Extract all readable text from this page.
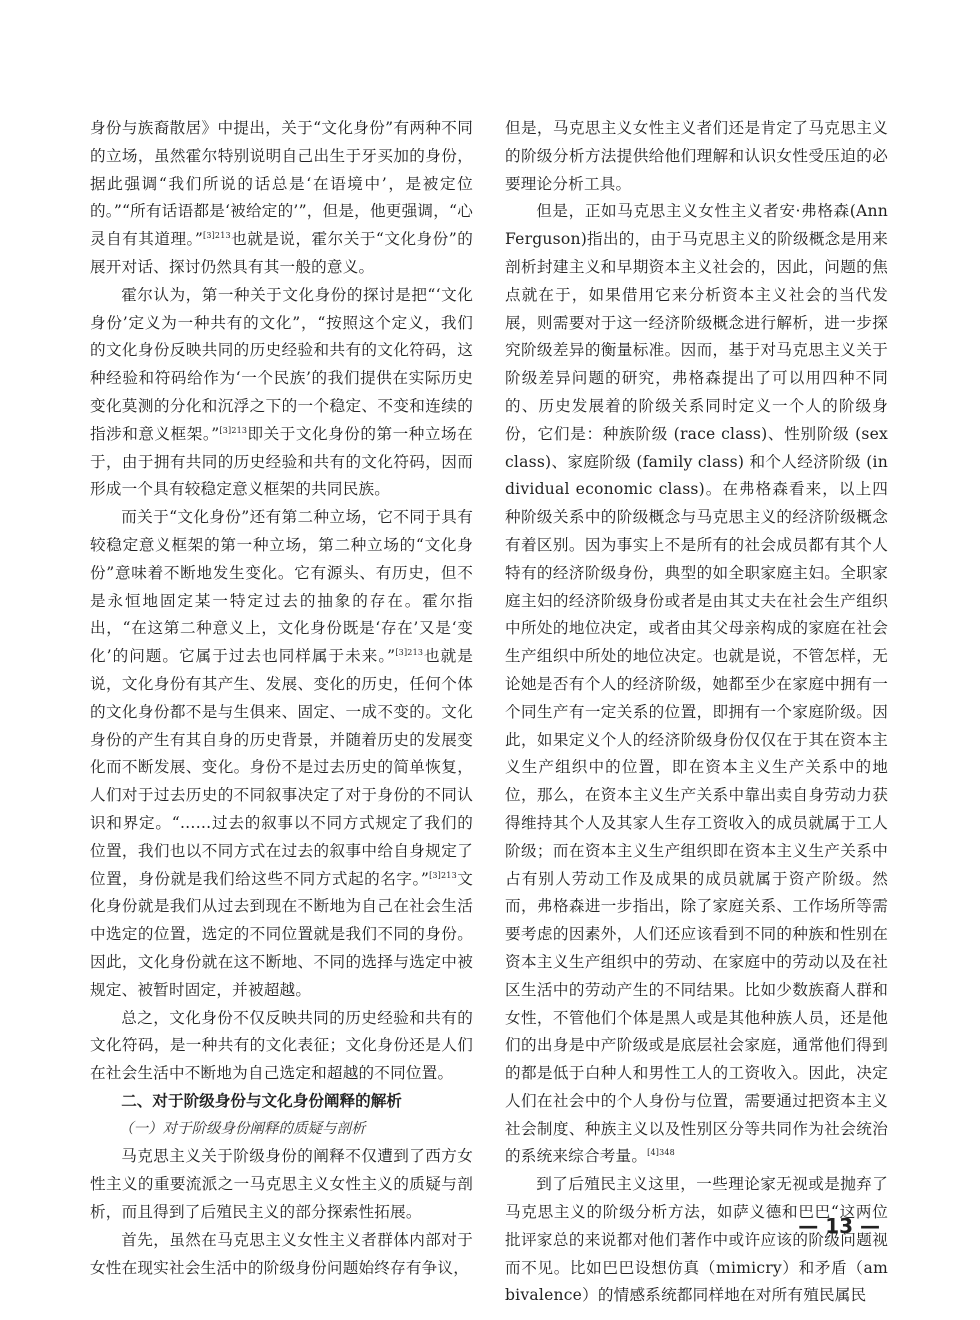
身份与族裔散居》中提出，关于“文化身份”有两种不同的立场，虽然霍尔特别说明自己出生于牙买加的身份，据此强调“我们所说的话总是‘在语境中’，是被定位的。”“所有话语都是‘被给定的’”，但是，他更强调，“心灵自有其道理。”$^{[3]213}$也就是说，霍尔关于“文化身份”的展开对话、探讨仍然具有其一般的意义。

霍尔认为，第一种关于文化身份的探讨是把“‘文化身份’定义为一种共有的文化”，“按照这个定义，我们的文化身份反映共同的历史经验和共有的文化符码，这种经验和符码给作为‘一个民族’的我们提供在实际历史变化莫测的分化和沉浮之下的一个稳定、不变和连续的指涉和意义框架。”$^{[3]213}$即关于文化身份的第一种立场在于，由于拥有共同的历史经验和共有的文化符码，因而形成一个具有较稳定意义框架的共同民族。

而关于“文化身份”还有第二种立场，它不同于具有较稳定意义框架的第一种立场，第二种立场的“文化身份”意味着不断地发生变化。它有源头、有历史，但不是永恒地固定某一特定过去的抽象的存在。霍尔指出，“在这第二种意义上，文化身份既是‘存在’又是‘变化’的问题。它属于过去也同样属于未来。”$^{[3]213}$也就是说，文化身份有其产生、发展、变化的历史，任何个体的文化身份都不是与生俱来、固定、一成不变的。文化身份的产生有其自身的历史背景，并随着历史的发展变化而不断发展、变化。身份不是过去历史的简单恢复，人们对于过去历史的不同叙事决定了对于身份的不同认识和界定。“……过去的叙事以不同方式规定了我们的位置，我们也以不同方式在过去的叙事中给自身规定了位置，身份就是我们给这些不同方式起的名字。”$^{[3]213}$文化身份就是我们从过去到现在不断地为自己在社会生活中选定的位置，选定的不同位置就是我们不同的身份。因此，文化身份就在这不断地、不同的选择与选定中被规定、被暂时固定，并被超越。

总之，文化身份不仅反映共同的历史经验和共有的文化符码，是一种共有的文化表征；文化身份还是人们在社会生活中不断地为自己选定和超越的不同位置。

二、对于阶级身份与文化身份阐释的解析

（一）对于阶级身份阐释的质疑与剖析

马克思主义关于阶级身份的阐释不仅遭到了西方女性主义的重要流派之一马克思主义女性主义的质疑与剖析，而且得到了后殖民主义的部分探索性拓展。

首先，虽然在马克思主义女性主义者群体内部对于女性在现实社会生活中的阶级身份问题始终存有争议，

但是，马克思主义女性主义者们还是肯定了马克思主义的阶级分析方法提供给他们理解和认识女性受压迫的必要理论分析工具。

但是，正如马克思主义女性主义者安·弗格森(Ann Ferguson)指出的，由于马克思主义的阶级概念是用来剖析封建主义和早期资本主义社会的，因此，问题的焦点就在于，如果借用它来分析资本主义社会的当代发展，则需要对于这一经济阶级概念进行解析，进一步探究阶级差异的衡量标准。因而，基于对马克思主义关于阶级差异问题的研究，弗格森提出了可以用四种不同的、历史发展着的阶级关系同时定义一个人的阶级身份，它们是：种族阶级 (race class)、性别阶级 (sex class)、家庭阶级 (family class) 和个人经济阶级 (individual economic class)。在弗格森看来，以上四种阶级关系中的阶级概念与马克思主义的经济阶级概念有着区别。因为事实上不是所有的社会成员都有其个人特有的经济阶级身份，典型的如全职家庭主妇。全职家庭主妇的经济阶级身份或者是由其丈夫在社会生产组织中所处的地位决定，或者由其父母亲构成的家庭在社会生产组织中所处的地位决定。也就是说，不管怎样，无论她是否有个人的经济阶级，她都至少在家庭中拥有一个同生产有一定关系的位置，即拥有一个家庭阶级。因此，如果定义个人的经济阶级身份仅仅在于其在资本主义生产组织中的位置，即在资本主义生产关系中的地位，那么，在资本主义生产关系中靠出卖自身劳动力获得维持其个人及其家人生存工资收入的成员就属于工人阶级；而在资本主义生产组织即在资本主义生产关系中占有别人劳动工作及成果的成员就属于资产阶级。然而，弗格森进一步指出，除了家庭关系、工作场所等需要考虑的因素外，人们还应该看到不同的种族和性别在资本主义生产组织中的劳动、在家庭中的劳动以及在社区生活中的劳动产生的不同结果。比如少数族裔人群和女性，不管他们个体是黑人或是其他种族人员，还是他们的出身是中产阶级或是底层社会家庭，通常他们得到的都是低于白种人和男性工人的工资收入。因此，决定人们在社会中的个人身份与位置，需要通过把资本主义社会制度、种族主义以及性别区分等共同作为社会统治的系统来综合考量。$^{[4]348}$

到了后殖民主义这里，一些理论家无视或是抛弃了马克思主义的阶级分析方法，如萨义德和巴巴“这两位批评家总的来说都对他们著作中或许应该的阶级问题视而不见。比如巴巴设想仿真（mimicry）和矛盾（ambivalence）的情感系统都同样地在对所有殖民属民

— 13 —
